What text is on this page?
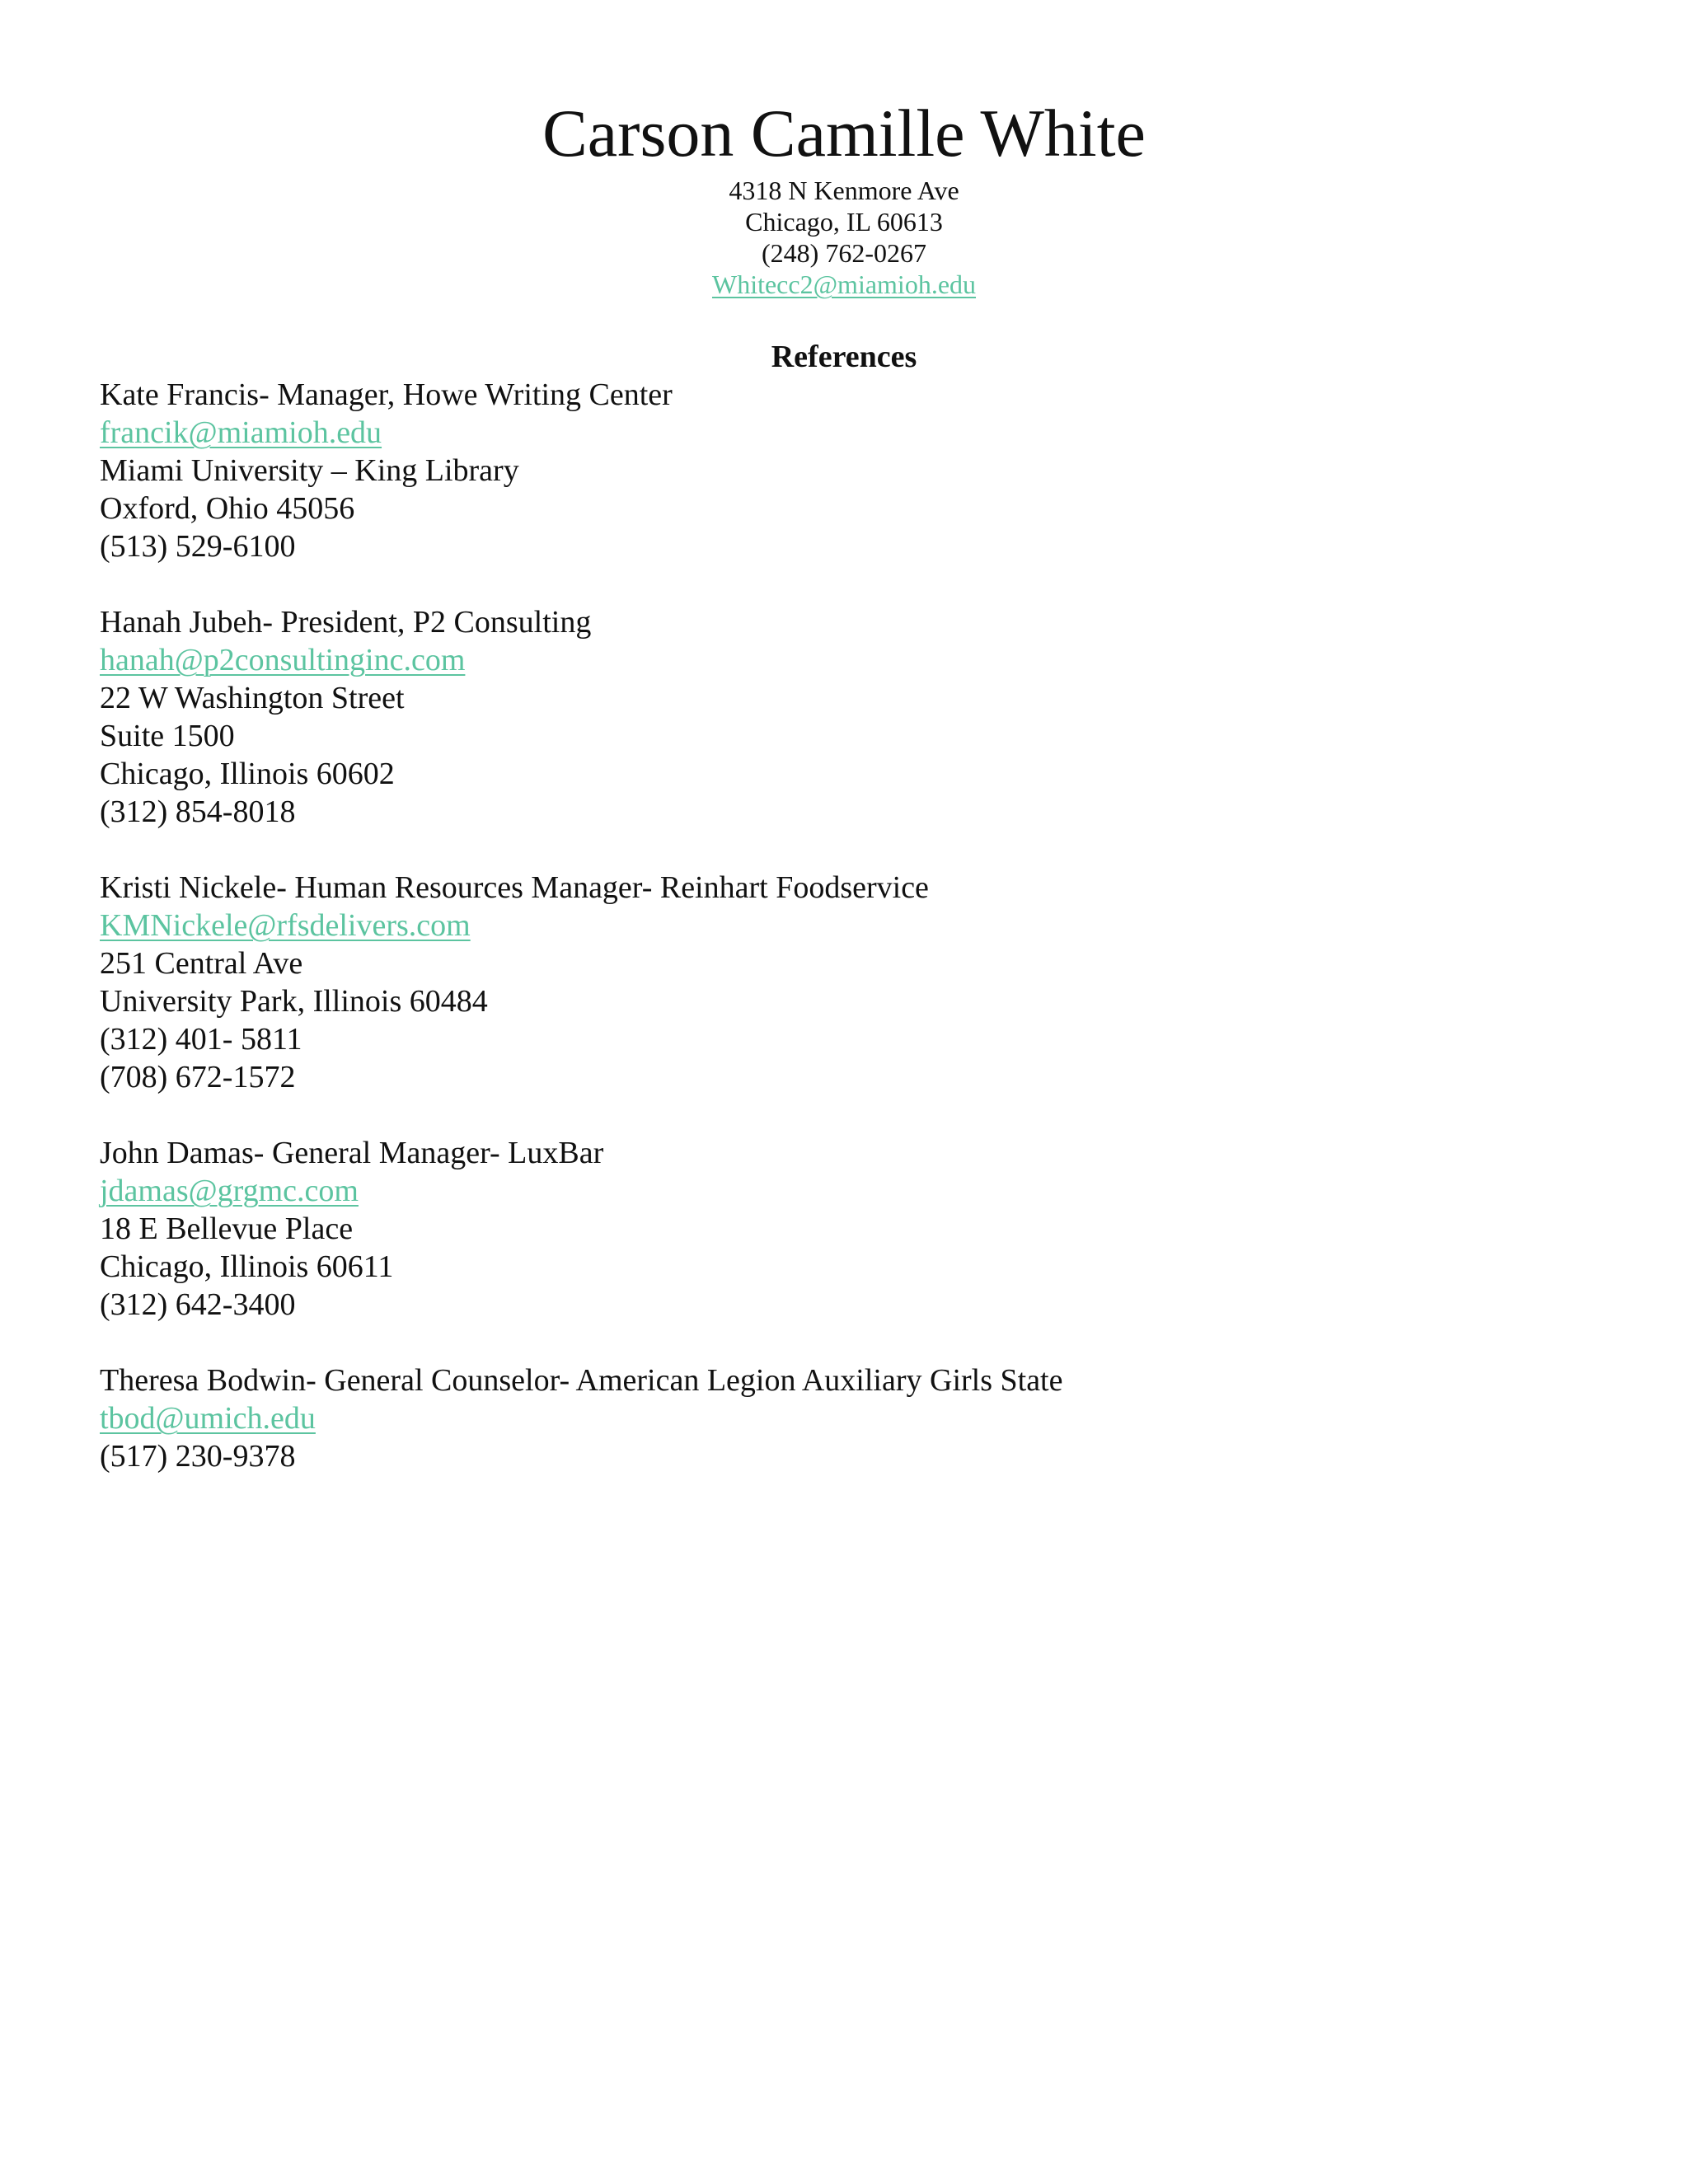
Carson Camille White

4318 N Kenmore Ave

Chicago, IL 60613

(248) 762-0267

Whitecc2@miamioh.edu

References
Kate Francis- Manager, Howe Writing Center
francik@miamioh.edu
Miami University – King Library
Oxford, Ohio 45056
(513) 529-6100
Hanah Jubeh- President, P2 Consulting
hanah@p2consultinginc.com
22 W Washington Street
Suite 1500
Chicago, Illinois 60602
(312) 854-8018
Kristi Nickele- Human Resources Manager- Reinhart Foodservice
KMNickele@rfsdelivers.com
251 Central Ave
University Park, Illinois 60484
(312) 401- 5811
(708) 672-1572
John Damas- General Manager- LuxBar
jdamas@grgmc.com
18 E Bellevue Place
Chicago, Illinois 60611
(312) 642-3400
Theresa Bodwin- General Counselor- American Legion Auxiliary Girls State
tbod@umich.edu
(517) 230-9378
